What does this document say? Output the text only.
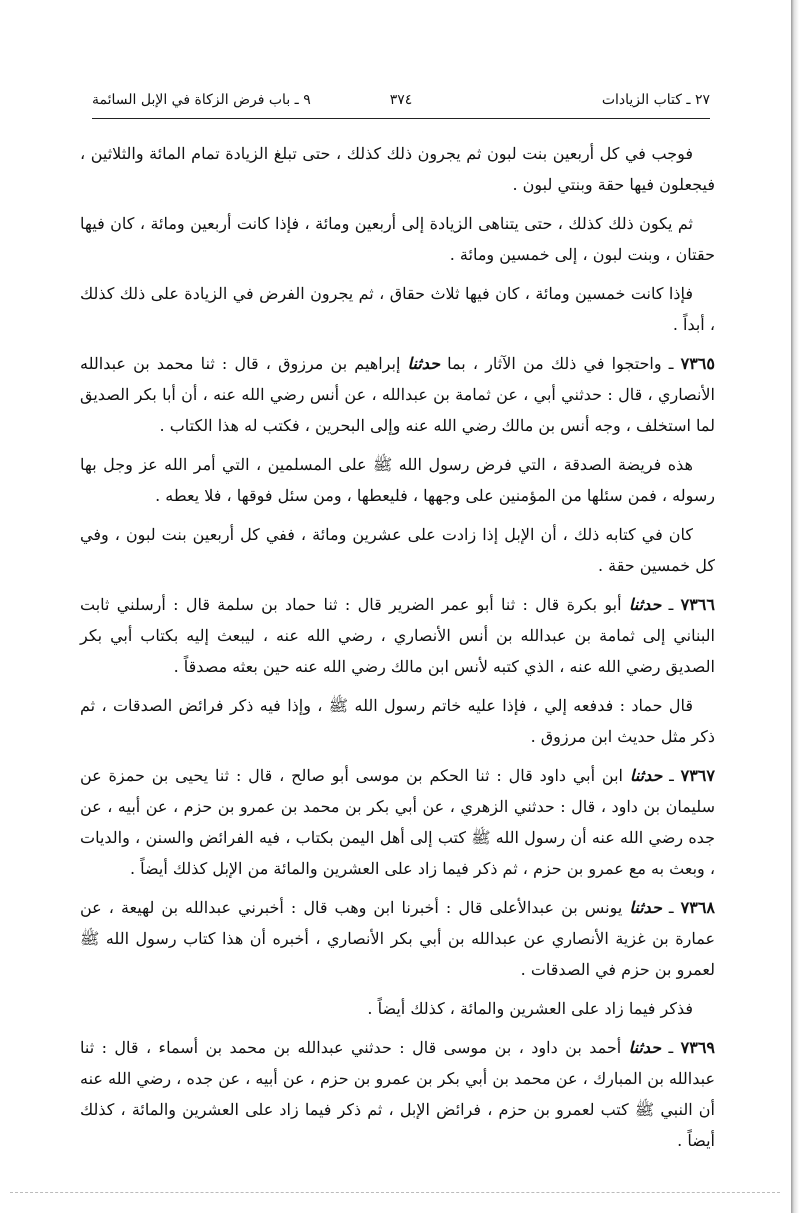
٢٧ ـ كتاب الزيادات
٣٧٤
٩ ـ باب فرض الزكاة في الإبل السائمة

فوجب في كل أربعين بنت لبون ثم يجرون ذلك كذلك ، حتى تبلغ الزيادة تمام المائة والثلاثين ، فيجعلون فيها حقة وبنتي لبون .

ثم يكون ذلك كذلك ، حتى يتناهى الزيادة إلى أربعين ومائة ، فإذا كانت أربعين ومائة ، كان فيها حقتان ، وبنت لبون ، إلى خمسين ومائة .

فإذا كانت خمسين ومائة ، كان فيها ثلاث حقاق ، ثم يجرون الفرض في الزيادة على ذلك كذلك ، أبداً .

٧٣٦٥ ـ واحتجوا في ذلك من الآثار ، بما حدثنا إبراهيم بن مرزوق ، قال : ثنا محمد بن عبدالله الأنصاري ، قال : حدثني أبي ، عن ثمامة بن عبدالله ، عن أنس رضي الله عنه ، أن أبا بكر الصديق لما استخلف ، وجه أنس بن مالك رضي الله عنه وإلى البحرين ، فكتب له هذا الكتاب .

هذه فريضة الصدقة ، التي فرض رسول الله ﷺ على المسلمين ، التي أمر الله عز وجل بها رسوله ، فمن سئلها من المؤمنين على وجهها ، فليعطها ، ومن سئل فوقها ، فلا يعطه .

كان في كتابه ذلك ، أن الإبل إذا زادت على عشرين ومائة ، ففي كل أربعين بنت لبون ، وفي كل خمسين حقة .

٧٣٦٦ ـ حدثنا أبو بكرة قال : ثنا أبو عمر الضرير قال : ثنا حماد بن سلمة قال : أرسلني ثابت البناني إلى ثمامة بن عبدالله بن أنس الأنصاري ، رضي الله عنه ، ليبعث إليه بكتاب أبي بكر الصديق رضي الله عنه ، الذي كتبه لأنس ابن مالك رضي الله عنه حين بعثه مصدقاً .

قال حماد : فدفعه إلي ، فإذا عليه خاتم رسول الله ﷺ ، وإذا فيه ذكر فرائض الصدقات ، ثم ذكر مثل حديث ابن مرزوق .

٧٣٦٧ ـ حدثنا ابن أبي داود قال : ثنا الحكم بن موسى أبو صالح ، قال : ثنا يحيى بن حمزة عن سليمان بن داود ، قال : حدثني الزهري ، عن أبي بكر بن محمد بن عمرو بن حزم ، عن أبيه ، عن جده رضي الله عنه أن رسول الله ﷺ كتب إلى أهل اليمن بكتاب ، فيه الفرائض والسنن ، والديات ، وبعث به مع عمرو بن حزم ، ثم ذكر فيما زاد على العشرين والمائة من الإبل كذلك أيضاً .

٧٣٦٨ ـ حدثنا يونس بن عبدالأعلى قال : أخبرنا ابن وهب قال : أخبرني عبدالله بن لهيعة ، عن عمارة بن غزية الأنصاري عن عبدالله بن أبي بكر الأنصاري ، أخبره أن هذا كتاب رسول الله ﷺ لعمرو بن حزم في الصدقات .

فذكر فيما زاد على العشرين والمائة ، كذلك أيضاً .

٧٣٦٩ ـ حدثنا أحمد بن داود ، بن موسى قال : حدثني عبدالله بن محمد بن أسماء ، قال : ثنا عبدالله بن المبارك ، عن محمد بن أبي بكر بن عمرو بن حزم ، عن أبيه ، عن جده ، رضي الله عنه أن النبي ﷺ كتب لعمرو بن حزم ، فرائض الإبل ، ثم ذكر فيما زاد على العشرين والمائة ، كذلك أيضاً .
